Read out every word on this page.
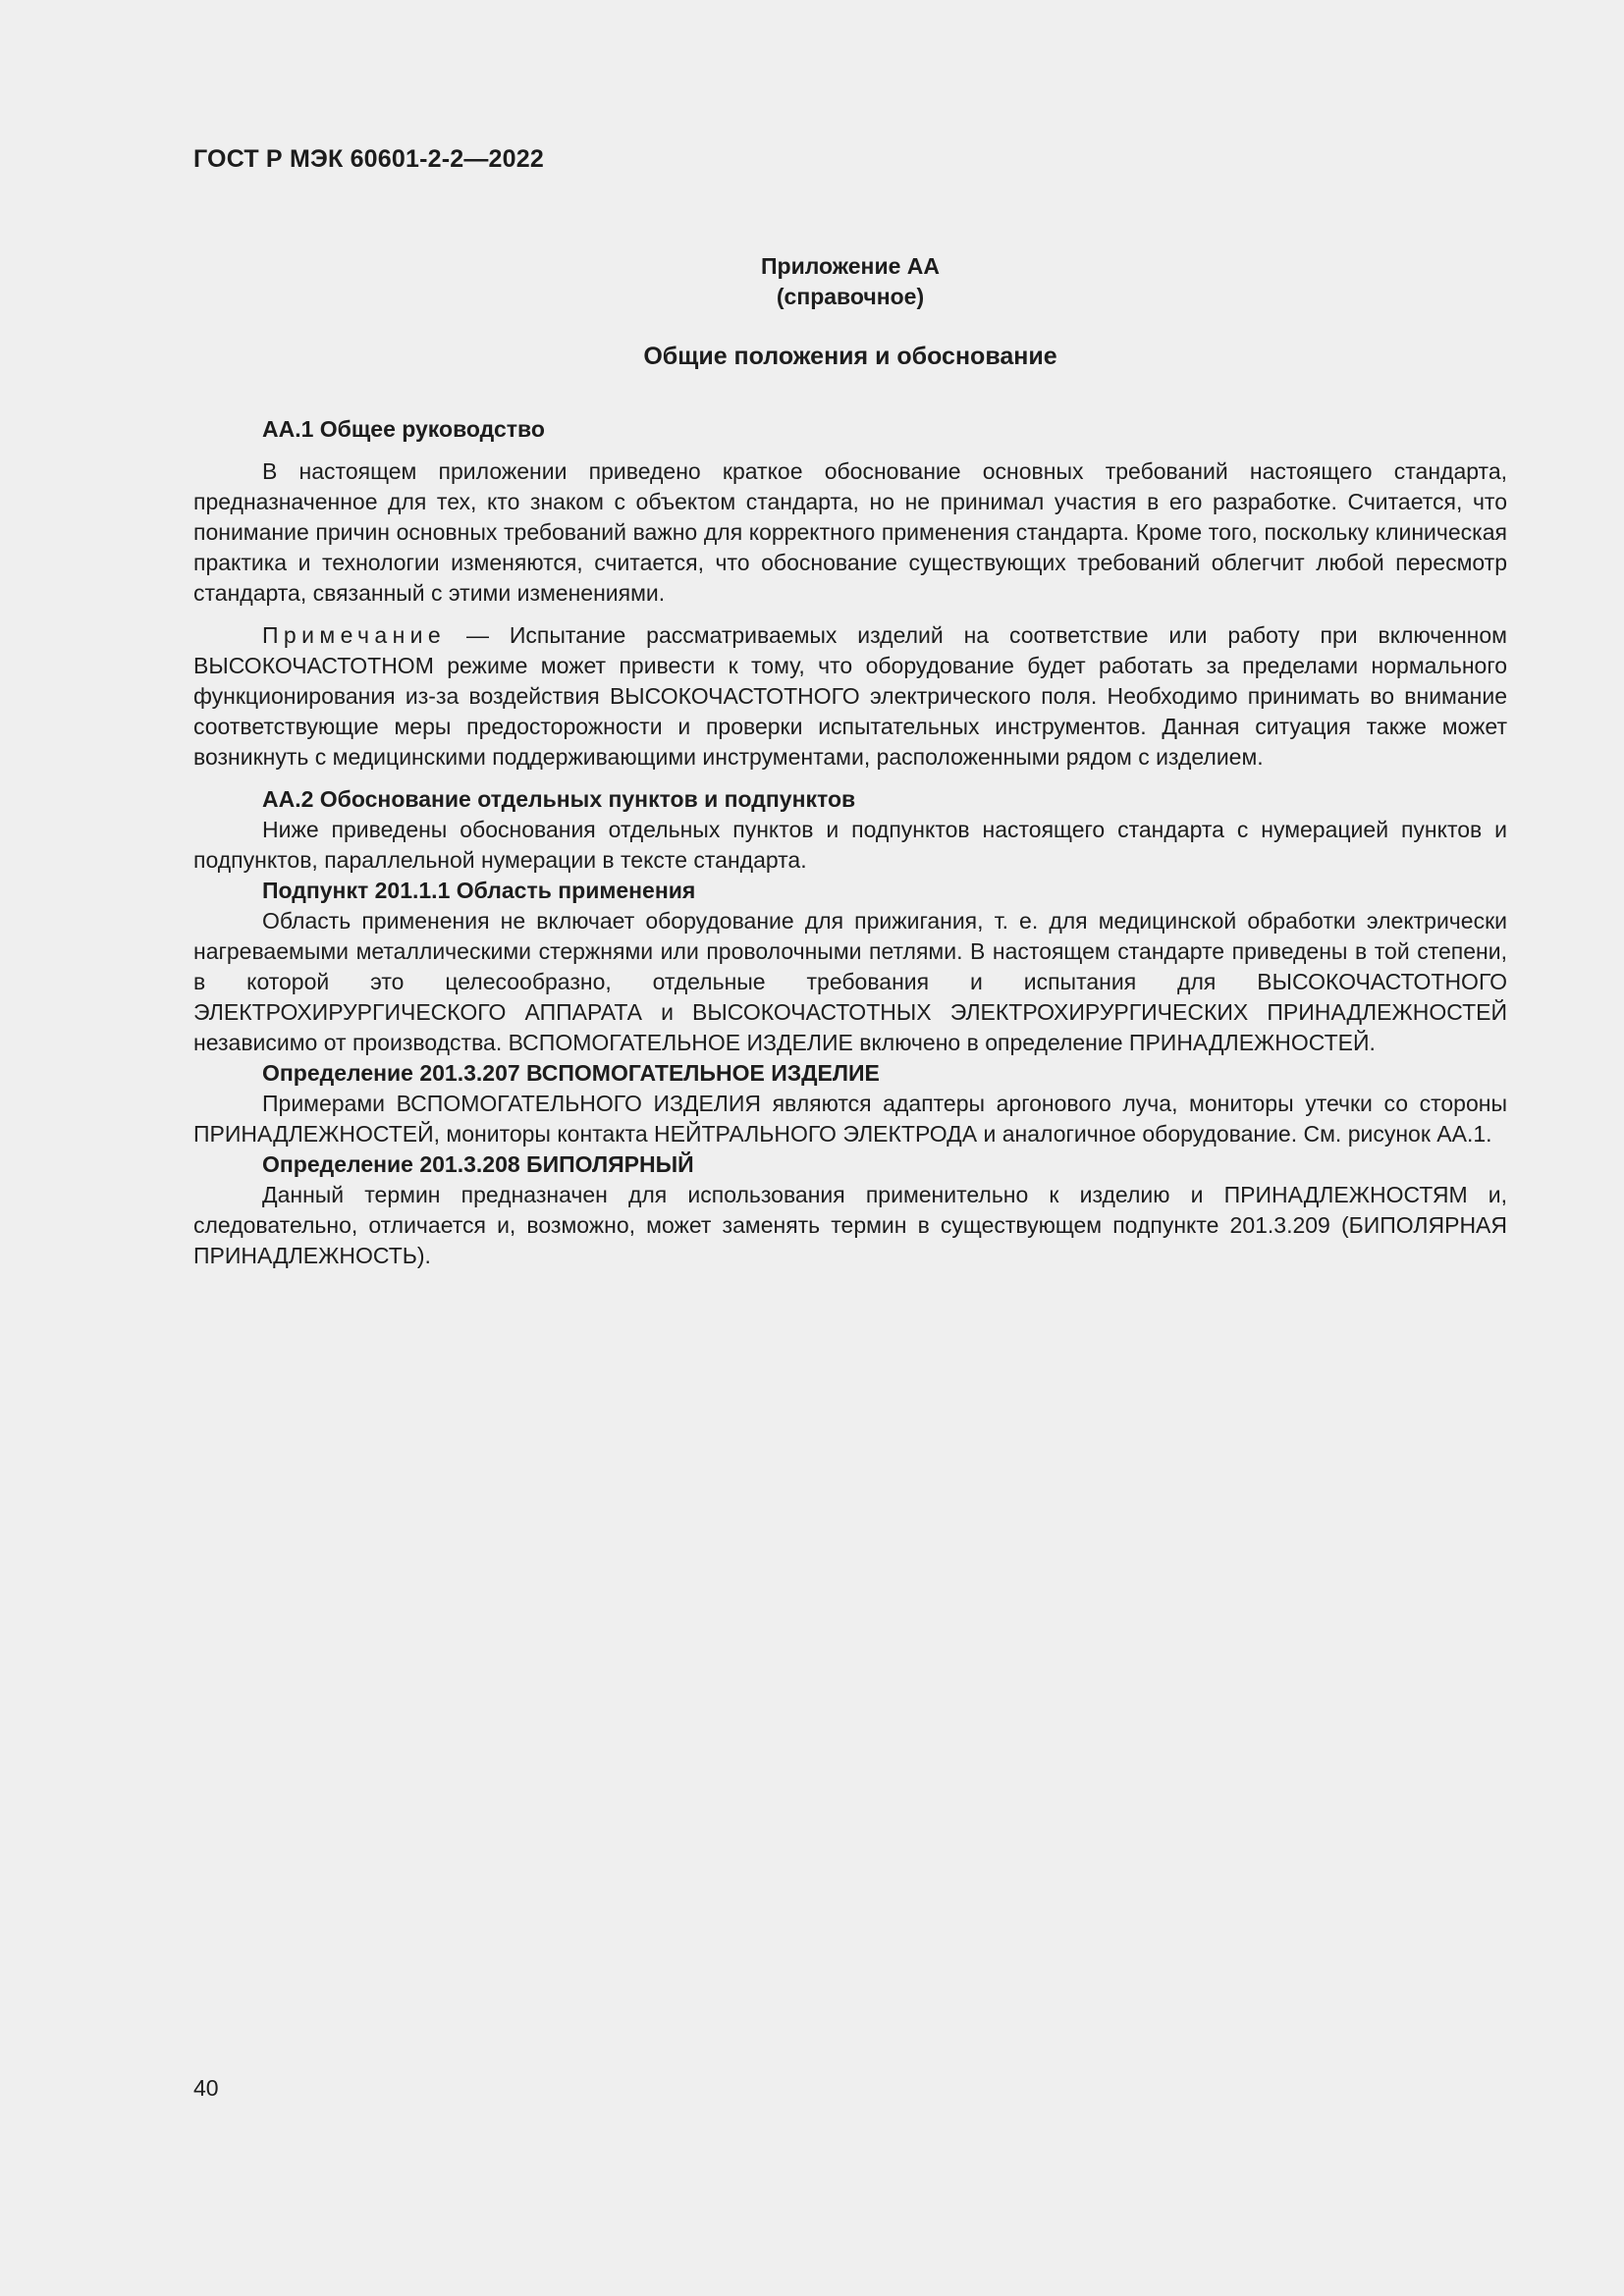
ГОСТ Р МЭК 60601-2-2—2022
Приложение АА
(справочное)
Общие положения и обоснование

АА.1 Общее руководство

В настоящем приложении приведено краткое обоснование основных требований настоящего стандарта, предназначенное для тех, кто знаком с объектом стандарта, но не принимал участия в его разработке. Считается, что понимание причин основных требований важно для корректного применения стандарта. Кроме того, поскольку клиническая практика и технологии изменяются, считается, что обоснование существующих требований облегчит любой пересмотр стандарта, связанный с этими изменениями.

Примечание — Испытание рассматриваемых изделий на соответствие или работу при включенном ВЫСОКОЧАСТОТНОМ режиме может привести к тому, что оборудование будет работать за пределами нормального функционирования из-за воздействия ВЫСОКОЧАСТОТНОГО электрического поля. Необходимо принимать во внимание соответствующие меры предосторожности и проверки испытательных инструментов. Данная ситуация также может возникнуть с медицинскими поддерживающими инструментами, расположенными рядом с изделием.

АА.2 Обоснование отдельных пунктов и подпунктов

Ниже приведены обоснования отдельных пунктов и подпунктов настоящего стандарта с нумерацией пунктов и подпунктов, параллельной нумерации в тексте стандарта.

Подпункт 201.1.1 Область применения

Область применения не включает оборудование для прижигания, т. е. для медицинской обработки электрически нагреваемыми металлическими стержнями или проволочными петлями. В настоящем стандарте приведены в той степени, в которой это целесообразно, отдельные требования и испытания для ВЫСОКОЧАСТОТНОГО ЭЛЕКТРОХИРУРГИЧЕСКОГО АППАРАТА и ВЫСОКОЧАСТОТНЫХ ЭЛЕКТРОХИРУРГИЧЕСКИХ ПРИНАДЛЕЖНОСТЕЙ независимо от производства. ВСПОМОГАТЕЛЬНОЕ ИЗДЕЛИЕ включено в определение ПРИНАДЛЕЖНОСТЕЙ.

Определение 201.3.207 ВСПОМОГАТЕЛЬНОЕ ИЗДЕЛИЕ

Примерами ВСПОМОГАТЕЛЬНОГО ИЗДЕЛИЯ являются адаптеры аргонового луча, мониторы утечки со стороны ПРИНАДЛЕЖНОСТЕЙ, мониторы контакта НЕЙТРАЛЬНОГО ЭЛЕКТРОДА и аналогичное оборудование. См. рисунок АА.1.

Определение 201.3.208 БИПОЛЯРНЫЙ

Данный термин предназначен для использования применительно к изделию и ПРИНАДЛЕЖНОСТЯМ и, следовательно, отличается и, возможно, может заменять термин в существующем подпункте 201.3.209 (БИПОЛЯРНАЯ ПРИНАДЛЕЖНОСТЬ).

40
